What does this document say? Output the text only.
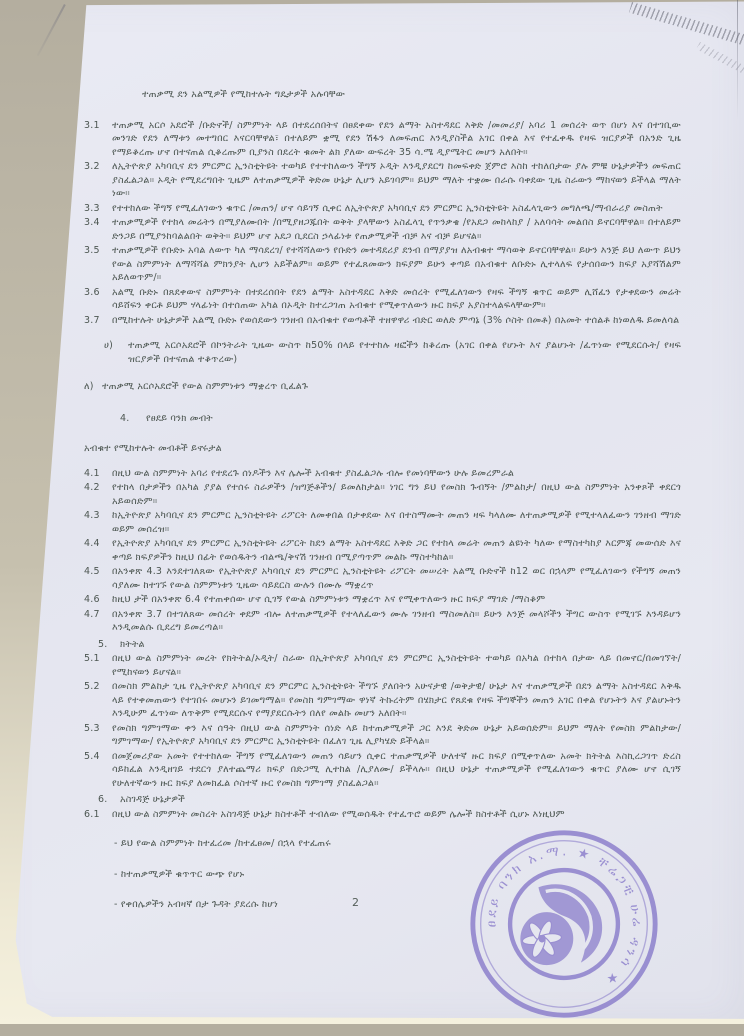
ተጠቃሚ ደን አልሚዎች የሚከተሉት ግዴታዎች አሉባቸው

3.1	ተጠቃሚ አርሶ አደሮች /ቡድኖች/ ስምምነት ላይ በተደረሰበትና በፀደቀው የደን ልማት አስተዳደር እቅድ /መመሪያ/ አባሪ 1 መሰረት ወጥ በሆነ እና በተገቢው መንገድ የደን ለማቱን መተግበር እናርባቸዋል፣ በተለይም ቋሚ የደን ሽፋን ለመፍጠር እንዲያስችል አገር በቀል እና የተፈቀዱ የዛፍ ዝርያዎች በአንድ ጊዜ የማይቆረጡ ሆኖ በተናጠል ሲቆረጡም ቢያንስ በደረት ቁመት ልክ ያለው ውፍረት 35 ሳ.ሜ ዲያሜትር መሆን አለበት።
3.2	ለኢትዮጵያ አካባቢና ደን ምርምር ኢንስቲትዩት ተወካይ የተተከለውን ችግኝ ኦዲት እንዲያደርግ ከመፍቀድ ጀምሮ እስከ ተከለበታው ያሉ ምቹ ሁኔታዎችን መፍጠር ያስፈልጋል። ኦዲት የሚደረግበት ጊዜም ለተጠቃሚዎች ቅድመ ሁኔታ ሊሆን አይገባም። ይህም ማለት ተቋሙ በራሱ ባቀደው ጊዜ ስራውን ማከናወን ይችላል ማለት ነው።
3.3	የተተከለው ችግኝ የሚፈለገውን ቁጥር /መጠን/ ሆኖ ሳይገኝ ሲቀር ለኢትዮጵያ አካባቢና ደን ምርምር ኢንስቲትዩት አስፈላጊውን መግለጫ/ማብራሪያ መስጠት
3.4	ተጠቃሚዎች የተከላ መሬትን በሚያለሙበት /በሚያዘጋጁበት ወቅት ያላቸውን አስፈላጊ የጥንቃቄ /የአደጋ መከላከያ / አለባሳት መልበስ ይኖርባቸዋል። በተለይም ድንጋይ በሚያንከባልልበት ወቅት። ይህም ሆኖ አደጋ ቢደርስ ኃላፊነቱ የጠቃሚዎች ብቻ እና ብቻ ይሆናል።
3.5	ተጠቃሚዎች የቡድኑ አባል ለውጥ ካለ ማሳደረገ/ የተሻሻለውን የቡድን መተዳደሪያ ደንብ በማያያዝ ለአብቁተ ማሳወቅ ይኖርባቸዋል። ይሁን እንጅ ይህ ለውጥ ይህን የውል ስምምነት ለማሻሻል ምክንያት ሊሆን አይችልም። ወይም የተፈጸመውን ክፍያም ይሁን ቀጣይ በአብቁተ ለቡድኑ ሊተላለፍ የታሰበውን ክፍያ አያሻሽልም አይለወጥም/።
3.6	አልሚ ቡድኑ በጸደቀውና ስምምነት በተደረሰበት የደን ልማት አስተዳደር እቅድ መሰረት የሚፈለገውን የዛፍ ችግኝ ቁጥር ወይም ሊሸፈን የታቀደውን መሬት ሳይሸፍን ቀርቶ ይህም ሃላፊነት በተሰጠው አካል በኦዲት ከተረጋገጠ አብቁተ የሚቀጥለውን ዙር ክፍያ አያስተላልፍላቸውም።
3.7	በሚከተሉት ሁኔታዎች አልሚ ቡድኑ የወሰደውን ገንዘብ በአብቁተ የወጣቶች ተዘዋዋሪ ብድር ወለድ ምጣኔ (3% ሶስት በመቶ) በአመት ተሰልቶ ከነወለዱ ይመለሳል
ሀ)	ተጠቃሚ አርሶአደሮች በኮንትራት ጊዜው ውስጥ ከ50% በላይ የተተከሉ ዛፎችን ከቆረጡ (አገር በቀል የሆኑት እና ያልሆኑት /ፈጥነው የሚደርሱት/ የዛፍ ዝርያዎች በተናጠል ተቆጥረው)
ለ) ተጠቃሚ አርሶአደሮች የውል ስምምነቱን ማቋረጥ ቢፈልጉ
4.	የፀደይ ባንክ መብት

አብቁተ የሚከተሉት መብቶች ይኖሩታል

4.1	በዚህ ውል ስምምነት አባሪ የተደረጉ ሰነዶችን እና ሌሎች አብቁተ ያስፈልጋሉ ብሎ የመነባቸውን ሁሉ ይመረምራል
4.2	የተከላ በታዎችን በአካል ያያል የተሰሩ ስራዎችን /ዝግጅቶችን/ ይመለከታል። ነገር ግን ይህ የመስክ ጉብኝት /ምልከታ/ በዚህ ውል ስምምነት አንቀጾች ቀደርጎ አይወሰድም።
4.3	ከኢትዮጵያ አካባቢና ደን ምርምር ኢንስቲትዩት ሪፖርት ለመቀበል በታቀደው እና በተስማሙት መጠን ዛፍ ካላለሙ ለተጠቃሚዎች የሚተላለፈውን ገንዘብ ማገድ ወይም መሰረዝ።
4.4	የኢትዮጵያ አካባቢና ደን ምርምር ኢንስቲትዩት ሪፖርት ከደን ልማት አስተዳደር እቅድ ጋር የተከላ መሬት መጠን ልዩነት ካለው የማስተካከያ እርምጃ መውሰድ እና ቀጣይ ክፍያዎችን ከዚህ በፊት የወሰዱትን ብልጫ/ቅናሽ ገንዘብ በሚያጣጥም መልኩ ማስተካከል።
4.5	በአንቀጽ 4.3 እንደተገለጸው የኢትዮጵያ አካባቢና ደን ምርምር ኢንስቲትዩት ሪፖርት መሠረት አልሚ ቡድኖች ከ12 ወር በኋላም የሚፈለገውን የችግኝ መጠን ሳያለሙ ከተገኙ የውል ስምምነቱን ጊዜው ሳይደርስ ውሉን በሙሉ ማቋረጥ
4.6	ከዚህ ታች በአንቀጽ 6.4 የተጠቀሰው ሆኖ ሲገኝ የውል ስምምነቱን ማቋረጥ እና የሚቀጥለውን ዙር ክፍያ ማገድ /ማስቆም
4.7	በአንቀጽ 3.7 በተገለጸው መሰረት ቀደም ብሎ ለተጠቃሚዎች የተላለፈውን ሙሉ ገንዘብ ማስመለስ። ይሁን እንጅ መላሾችን ችግር ውስጥ የሚገኙ እንዳይሆን እንዲመልሱ ቢደረግ ይመረጣል።
5.	ክትትል
5.1	በዚህ ውል ስምምነት መረት የክትትል/ኦዲት/ ስራው በኢትዮጵያ አካባቢና ደን ምርምር ኢንስቲትዩት ተወካይ በአካል በተከላ በታው ላይ በመኖር/በመገኘት/ የሚከናወን ይሆናል።
5.2	በመስክ ምልከታ ጊዜ የኢትዮጵያ አካባቢና ደን ምርምር ኢንስቲትዩት ችግኙ ያለበትን አሁናታዊ /ወቅታዊ/ ሁኔታ እና ተጠቃሚዎች በደን ልማት አስተዳደር እቅዱ ላይ የተቀመጠውን የተገበሩ መሆኑን ይገመግማል። የመስክ ግምገማው ዋነኛ ትኩረትም በሄክታር የጸደቁ የዛፍ ችግኞችን መጠን አገር በቀል የሆኑትን እና ያልሆኑትን እንዲሁም ፈጥነው ለጥቅም የሚደርሱና የማያደርሱትን በለየ መልኩ መሆን አለበት።
5.3	የመስክ ግምገማው ቀን እና ሰዓት በዚህ ውል ስምምነት ሰነድ ላይ ከተጠቃሚዎች ጋር እንደ ቅድመ ሁኔታ አይወሰድም። ይህም ማለት የመስክ ምልከታው/ግምገማው/ የኢትዮጵያ አካባቢና ደን ምርምር ኢንስቲትዩት በፈለገ ጊዜ ሊያካሄድ ይችላል።
5.4	በመጀመሪያው አመት የተተከለው ችግኝ የሚፈለገውን መጠን ሳይሆን ሲቀር ተጠቃሚዎች ሁለተኛ ዙር ክፍያ በሚቀጥለው አመት ክትትል እስኪረጋገጥ ድረስ ሳይከፈል እንዲዘገይ ተደርጎ ያለተጨማሪ ክፍያ በድጋሚ ሊተከል /ሊያለሙ/ ይችላሉ። በዚህ ሁኔታ ተጠቃሚዎች የሚፈለገውን ቁጥር ያለሙ ሆኖ ሲገኝ የሁለተኛውን ዙር ክፍያ ለመክፈል ሶስተኛ ዙር የመስክ ግምገማ ያስፈልጋል።
6.	አስገዳጅ ሁኔታዎች
6.1	በዚህ ውል ስምምነት መስረት አስገዳጅ ሁኔታ ክስተቶች ተብለው የሚወሰዱት የተፈጥሮ ወይም ሌሎች ክስተቶች ሲሆኑ እነዚህም
- ይህ የውል ስምምነት ከተፈረመ /ከተፈፀመ/ በኋላ የተፈጠሩ
- ከተጠቃሚዎች ቁጥጥር ውጭ የሆኑ
- የቀበሌዎችን አብዛኛ በታ ጉዳት ያደረሱ ከሆነ	2
ፀደይ ባንክ አ.ማ. ★ ቸሬጋቺ ሁሬ ዳንሳ ★
